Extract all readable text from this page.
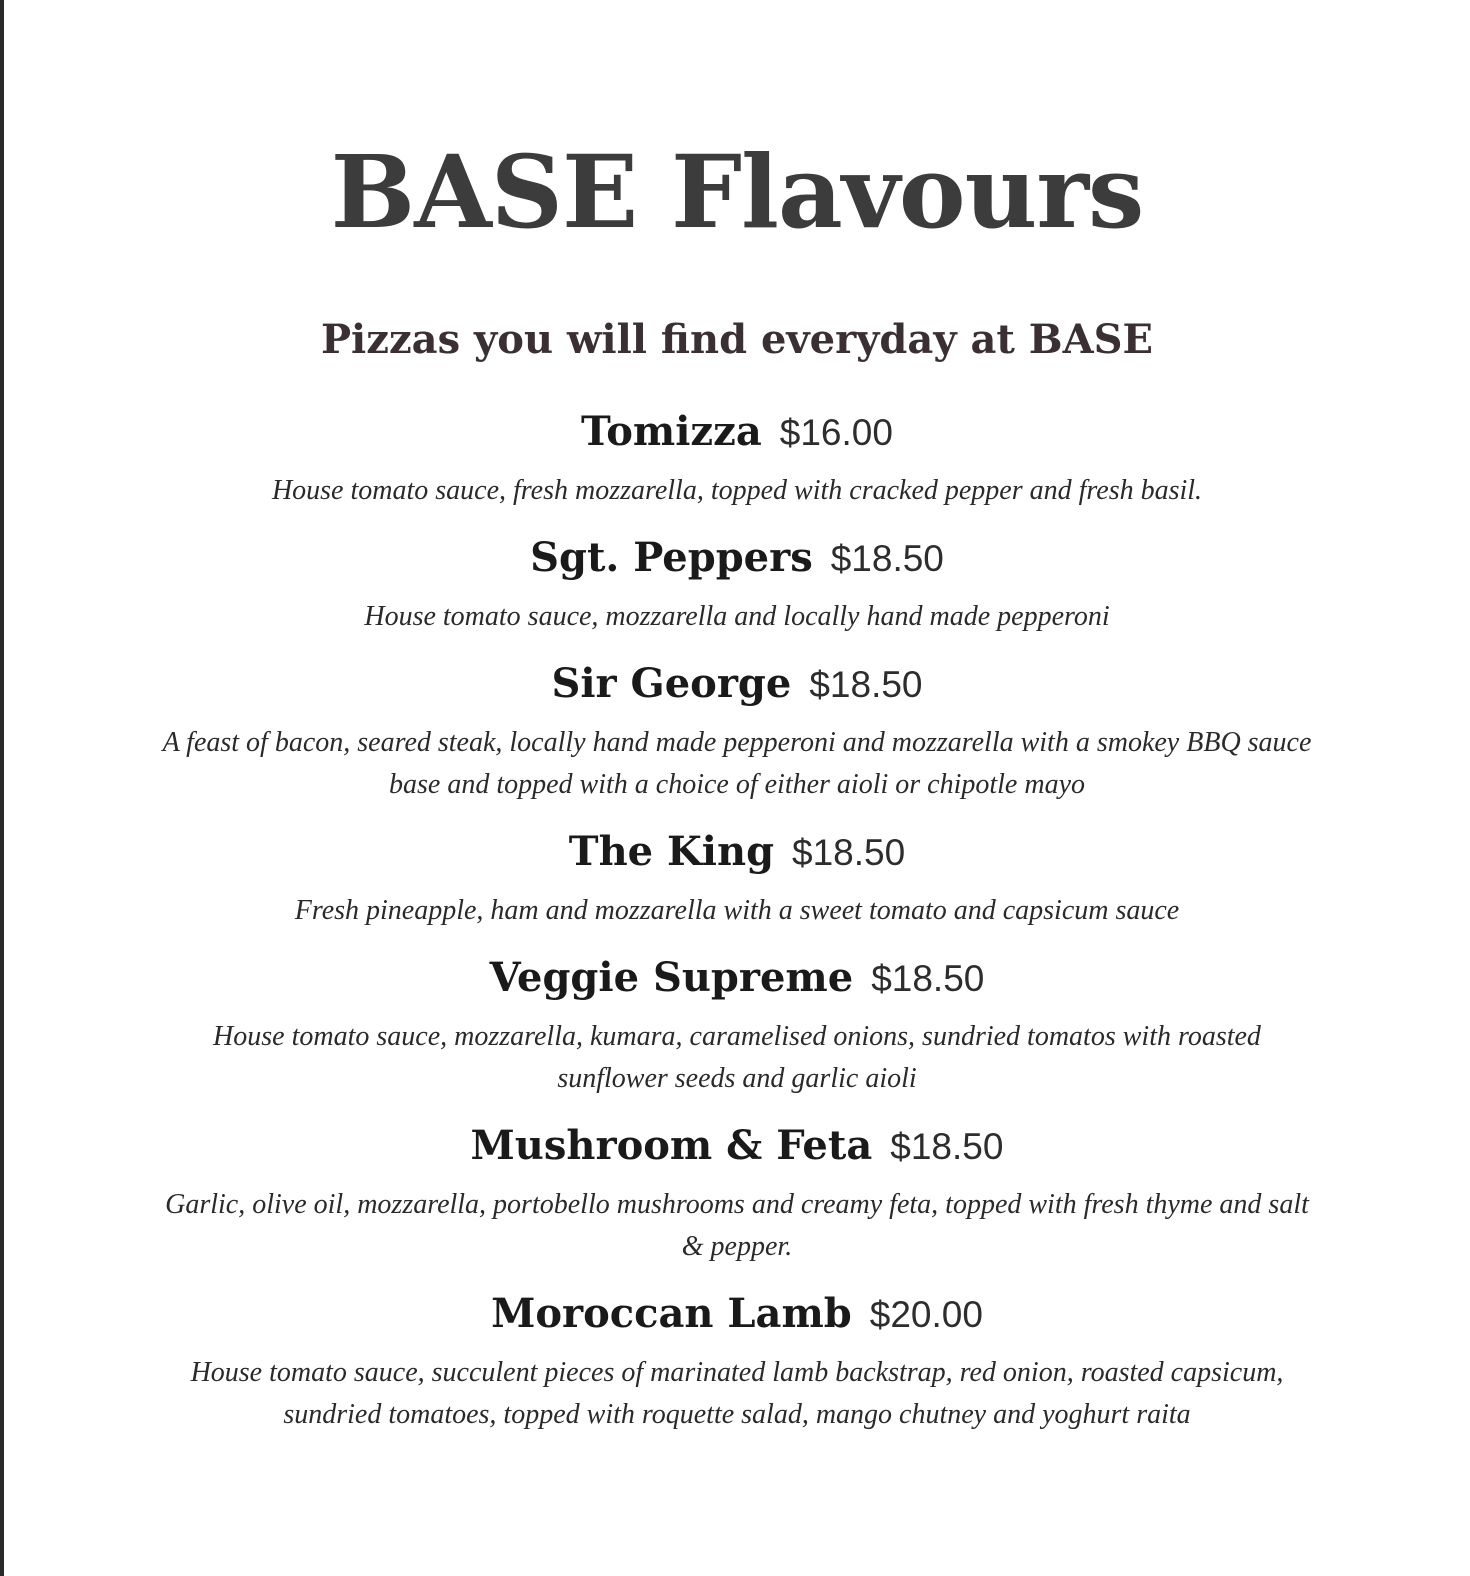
BASE Flavours
Pizzas you will find everyday at BASE
Tomizza $16.00

House tomato sauce, fresh mozzarella, topped with cracked pepper and fresh basil.

Sgt. Peppers $18.50

House tomato sauce, mozzarella and locally hand made pepperoni

Sir George $18.50

A feast of bacon, seared steak, locally hand made pepperoni and mozzarella with a smokey BBQ sauce base and topped with a choice of either aioli or chipotle mayo

The King $18.50

Fresh pineapple, ham and mozzarella with a sweet tomato and capsicum sauce

Veggie Supreme $18.50

House tomato sauce, mozzarella, kumara, caramelised onions, sundried tomatos with roasted sunflower seeds and garlic aioli

Mushroom & Feta $18.50

Garlic, olive oil, mozzarella, portobello mushrooms and creamy feta, topped with fresh thyme and salt & pepper.

Moroccan Lamb $20.00

House tomato sauce, succulent pieces of marinated lamb backstrap, red onion, roasted capsicum, sundried tomatoes, topped with roquette salad, mango chutney and yoghurt raita
